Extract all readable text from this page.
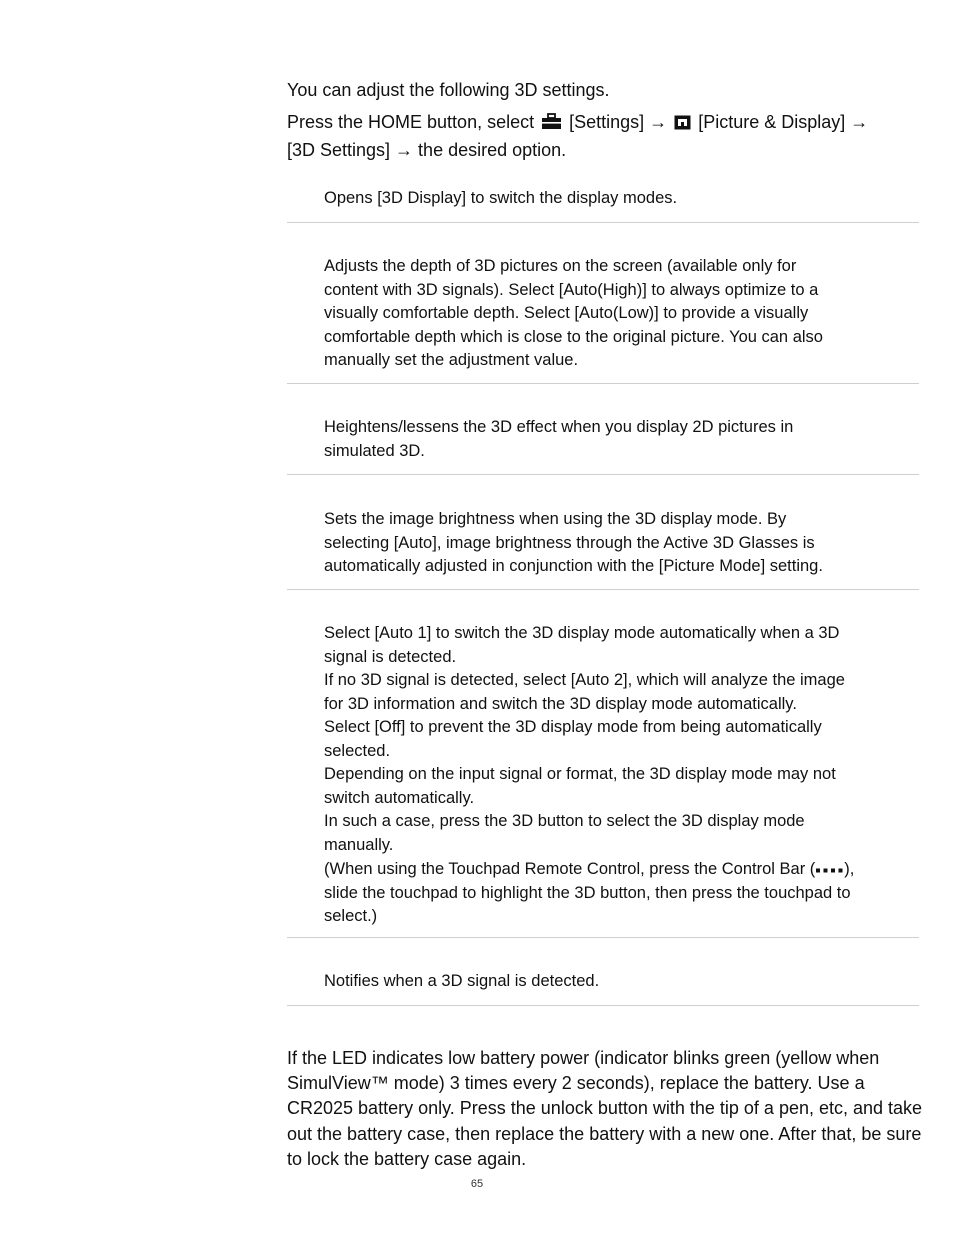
You can adjust the following 3D settings.

Press the HOME button, select [Settings] → [Picture & Display] →
[3D Settings] → the desired option.

Opens [3D Display] to switch the display modes.

Adjusts the depth of 3D pictures on the screen (available only for
content with 3D signals). Select [Auto(High)] to always optimize to a
visually comfortable depth. Select [Auto(Low)] to provide a visually
comfortable depth which is close to the original picture. You can also
manually set the adjustment value.

Heightens/lessens the 3D effect when you display 2D pictures in
simulated 3D.

Sets the image brightness when using the 3D display mode. By
selecting [Auto], image brightness through the Active 3D Glasses is
automatically adjusted in conjunction with the [Picture Mode] setting.

Select [Auto 1] to switch the 3D display mode automatically when a 3D
signal is detected.
If no 3D signal is detected, select [Auto 2], which will analyze the image
for 3D information and switch the 3D display mode automatically.
Select [Off] to prevent the 3D display mode from being automatically
selected.
Depending on the input signal or format, the 3D display mode may not
switch automatically.
In such a case, press the 3D button to select the 3D display mode
manually.
(When using the Touchpad Remote Control, press the Control Bar ( ),
slide the touchpad to highlight the 3D button, then press the touchpad to
select.)

Notifies when a 3D signal is detected.

If the LED indicates low battery power (indicator blinks green (yellow when SimulView™ mode) 3 times every 2 seconds), replace the battery. Use a CR2025 battery only. Press the unlock button with the tip of a pen, etc, and take out the battery case, then replace the battery with a new one. After that, be sure to lock the battery case again.

65
